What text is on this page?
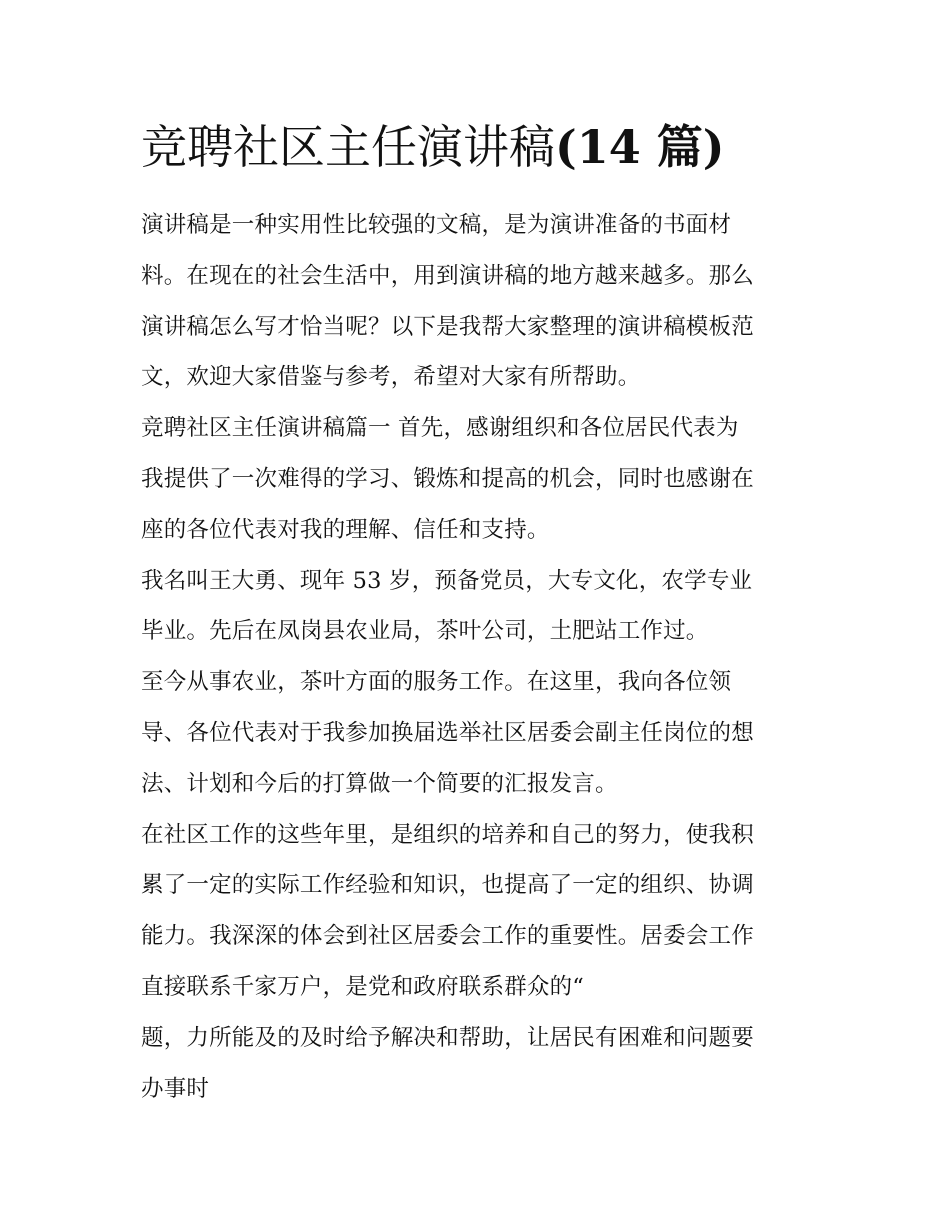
竞聘社区主任演讲稿(14 篇)
演讲稿是一种实用性比较强的文稿，是为演讲准备的书面材
料。在现在的社会生活中，用到演讲稿的地方越来越多。那么
演讲稿怎么写才恰当呢？以下是我帮大家整理的演讲稿模板范
文，欢迎大家借鉴与参考，希望对大家有所帮助。
竞聘社区主任演讲稿篇一 首先，感谢组织和各位居民代表为
我提供了一次难得的学习、锻炼和提高的机会，同时也感谢在
座的各位代表对我的理解、信任和支持。
我名叫王大勇、现年 53 岁，预备党员，大专文化，农学专业
毕业。先后在凤岗县农业局，茶叶公司，土肥站工作过。
至今从事农业，茶叶方面的服务工作。在这里，我向各位领
导、各位代表对于我参加换届选举社区居委会副主任岗位的想
法、计划和今后的打算做一个简要的汇报发言。
在社区工作的这些年里，是组织的培养和自己的努力，使我积
累了一定的实际工作经验和知识，也提高了一定的组织、协调
能力。我深深的体会到社区居委会工作的重要性。居委会工作
直接联系千家万户，是党和政府联系群众的“
题，力所能及的及时给予解决和帮助，让居民有困难和问题要
办事时
